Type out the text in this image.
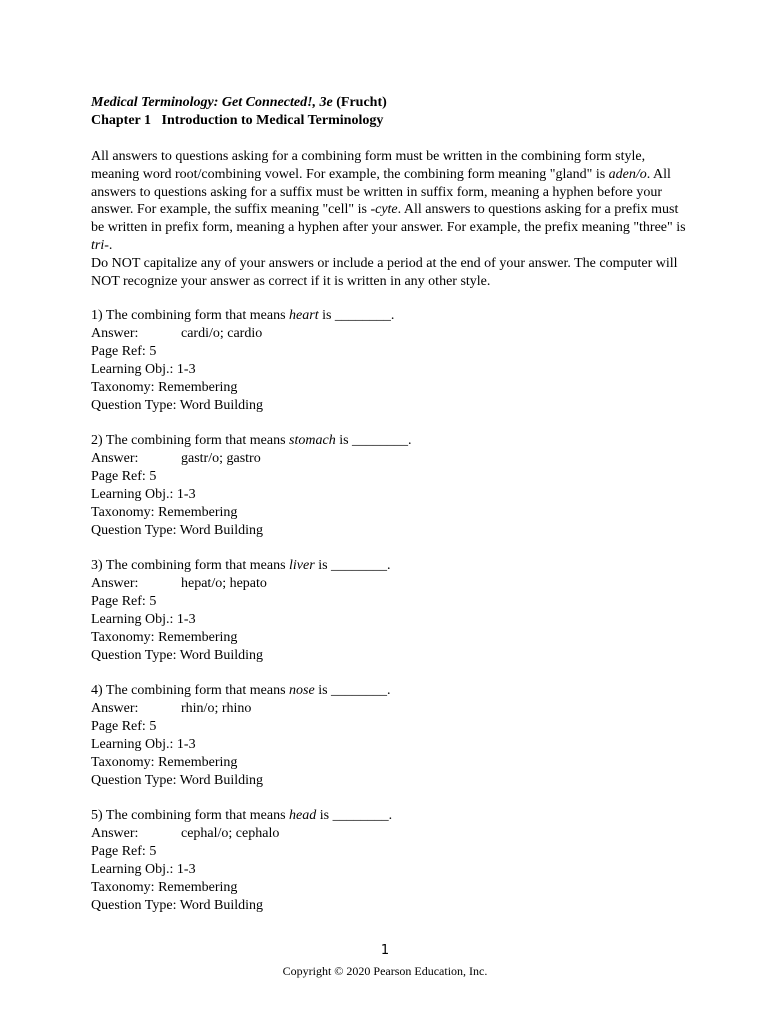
Medical Terminology: Get Connected!, 3e (Frucht)
Chapter 1 Introduction to Medical Terminology

All answers to questions asking for a combining form must be written in the combining form style, meaning word root/combining vowel. For example, the combining form meaning "gland" is aden/o. All answers to questions asking for a suffix must be written in suffix form, meaning a hyphen before your answer. For example, the suffix meaning "cell" is -cyte. All answers to questions asking for a prefix must be written in prefix form, meaning a hyphen after your answer. For example, the prefix meaning "three" is tri-.

Do NOT capitalize any of your answers or include a period at the end of your answer. The computer will NOT recognize your answer as correct if it is written in any other style.

1) The combining form that means heart is ________.
Answer:	cardi/o; cardio
Page Ref: 5
Learning Obj.: 1-3
Taxonomy: Remembering
Question Type: Word Building
2) The combining form that means stomach is ________.
Answer:	gastr/o; gastro
Page Ref: 5
Learning Obj.: 1-3
Taxonomy: Remembering
Question Type: Word Building
3) The combining form that means liver is ________.
Answer:	hepat/o; hepato
Page Ref: 5
Learning Obj.: 1-3
Taxonomy: Remembering
Question Type: Word Building
4) The combining form that means nose is ________.
Answer:	rhin/o; rhino
Page Ref: 5
Learning Obj.: 1-3
Taxonomy: Remembering
Question Type: Word Building
5) The combining form that means head is ________.
Answer:	cephal/o; cephalo
Page Ref: 5
Learning Obj.: 1-3
Taxonomy: Remembering
Question Type: Word Building
1
Copyright © 2020 Pearson Education, Inc.
